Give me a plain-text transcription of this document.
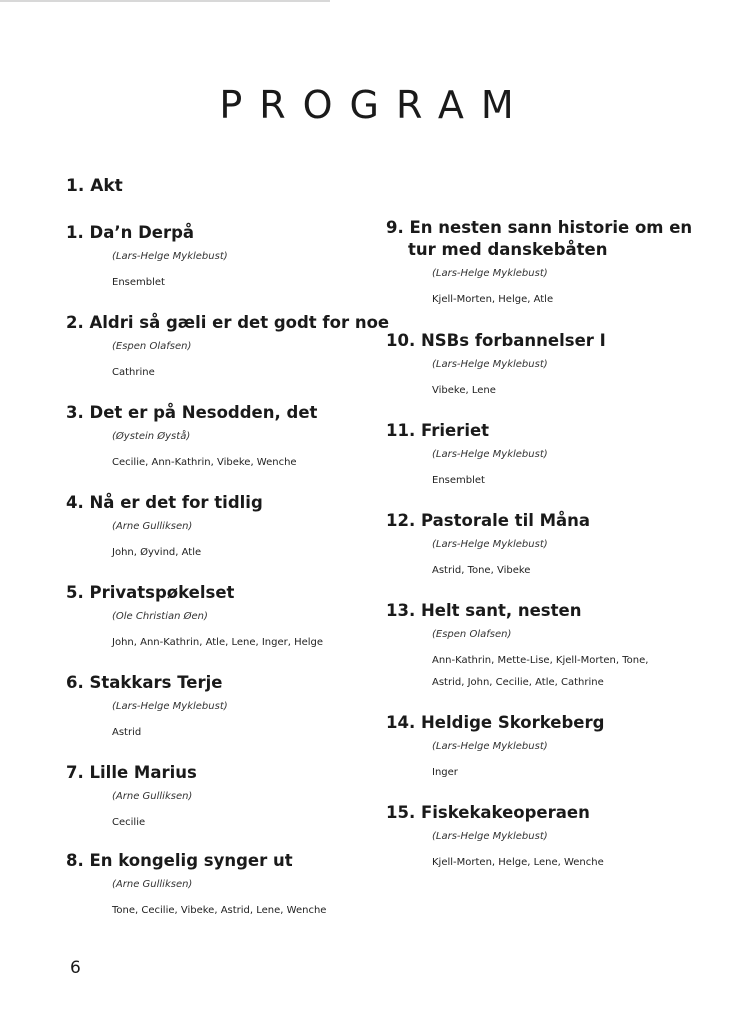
PROGRAM
1. Akt
1. Da’n Derpå
(Lars-Helge Myklebust)
Ensemblet
2. Aldri så gæli er det godt for noe
(Espen Olafsen)
Cathrine
3. Det er på Nesodden, det
(Øystein Øystå)
Cecilie, Ann-Kathrin, Vibeke, Wenche
4. Nå er det for tidlig
(Arne Gulliksen)
John, Øyvind, Atle
5. Privatspøkelset
(Ole Christian Øen)
John, Ann-Kathrin, Atle, Lene, Inger, Helge
6. Stakkars Terje
(Lars-Helge Myklebust)
Astrid
7. Lille Marius
(Arne Gulliksen)
Cecilie
8. En kongelig synger ut
(Arne Gulliksen)
Tone, Cecilie, Vibeke, Astrid, Lene, Wenche
9. En nesten sann historie om en
tur med danskebåten
(Lars-Helge Myklebust)
Kjell-Morten, Helge, Atle
10. NSBs forbannelser I
(Lars-Helge Myklebust)
Vibeke, Lene
11. Frieriet
(Lars-Helge Myklebust)
Ensemblet
12. Pastorale til Måna
(Lars-Helge Myklebust)
Astrid, Tone, Vibeke
13. Helt sant, nesten
(Espen Olafsen)
Ann-Kathrin, Mette-Lise, Kjell-Morten, Tone,
Astrid, John, Cecilie, Atle, Cathrine
14. Heldige Skorkeberg
(Lars-Helge Myklebust)
Inger
15. Fiskekakeoperaen
(Lars-Helge Myklebust)
Kjell-Morten, Helge, Lene, Wenche
6
